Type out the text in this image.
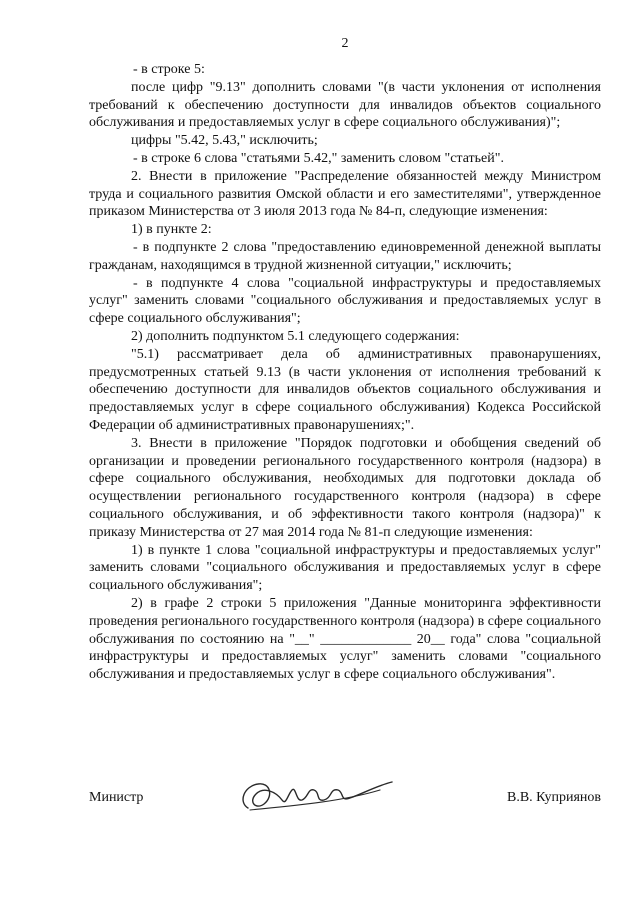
2

- в строке 5:

после цифр "9.13" дополнить словами "(в части уклонения от исполнения требований к обеспечению доступности для инвалидов объектов социального обслуживания и предоставляемых услуг в сфере социального обслуживания)";

цифры "5.42, 5.43," исключить;

- в строке 6 слова "статьями 5.42," заменить словом "статьей".

2. Внести в приложение "Распределение обязанностей между Министром труда и социального развития Омской области и его заместителями", утвержденное приказом Министерства от 3 июля 2013 года № 84-п, следующие изменения:

1) в пункте 2:

- в подпункте 2 слова "предоставлению единовременной денежной выплаты гражданам, находящимся в трудной жизненной ситуации," исключить;

- в подпункте 4 слова "социальной инфраструктуры и предоставляемых услуг" заменить словами "социального обслуживания и предоставляемых услуг в сфере социального обслуживания";

2) дополнить подпунктом 5.1 следующего содержания:

"5.1) рассматривает дела об административных правонарушениях, предусмотренных статьей 9.13 (в части уклонения от исполнения требований к обеспечению доступности для инвалидов объектов социального обслуживания и предоставляемых услуг в сфере социального обслуживания) Кодекса Российской Федерации об административных правонарушениях;".

3. Внести в приложение "Порядок подготовки и обобщения сведений об организации и проведении регионального государственного контроля (надзора) в сфере социального обслуживания, необходимых для подготовки доклада об осуществлении регионального государственного контроля (надзора) в сфере социального обслуживания, и об эффективности такого контроля (надзора)" к приказу Министерства от 27 мая 2014 года № 81-п следующие изменения:

1) в пункте 1 слова "социальной инфраструктуры и предоставляемых услуг" заменить словами "социального обслуживания и предоставляемых услуг в сфере социального обслуживания";

2) в графе 2 строки 5 приложения "Данные мониторинга эффективности проведения регионального государственного контроля (надзора) в сфере социального обслуживания по состоянию на "__" _____________ 20__ года" слова "социальной инфраструктуры и предоставляемых услуг" заменить словами "социального обслуживания и предоставляемых услуг в сфере социального обслуживания".

Министр	В.В. Куприянов
